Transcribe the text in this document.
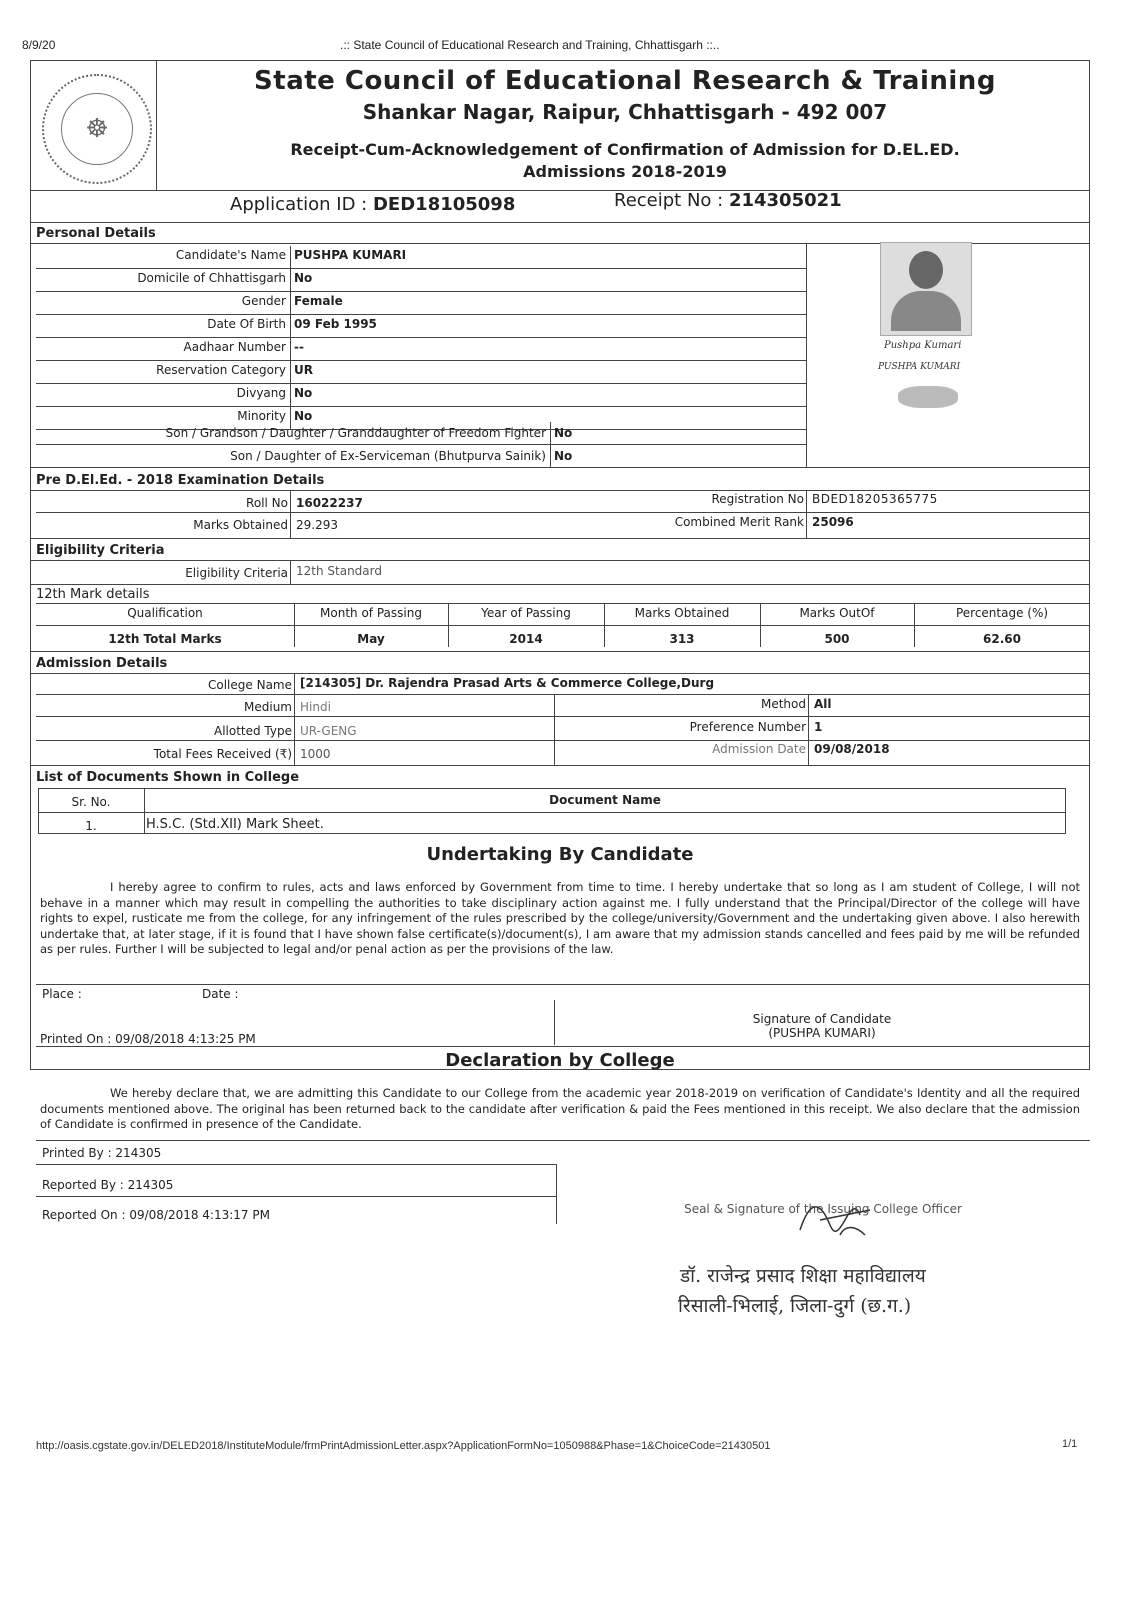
8/9/20	.:: State Council of Educational Research and Training, Chhattisgarh ::..
☸
State Council of Educational Research & Training
Shankar Nagar, Raipur, Chhattisgarh - 492 007
Receipt-Cum-Acknowledgement of Confirmation of Admission for D.EL.ED.
Admissions 2018-2019
Application ID : DED18105098	Receipt No : 214305021
Personal Details
Candidate's Name PUSHPA KUMARI
Domicile of Chhattisgarh No
Gender Female
Date Of Birth 09 Feb 1995
Aadhaar Number --
Reservation Category UR
Divyang No
Minority No
Pushpa Kumari
PUSHPA KUMARI
Son / Grandson / Daughter / Granddaughter of Freedom Fighter No
Son / Daughter of Ex-Serviceman (Bhutpurva Sainik) No
Pre D.El.Ed. - 2018 Examination Details
Roll No 16022237	Registration No BDED18205365775
Marks Obtained 29.293	Combined Merit Rank 25096
Eligibility Criteria
Eligibility Criteria 12th Standard
12th Mark details
Qualification	Month of Passing	Year of Passing	Marks Obtained	Marks OutOf	Percentage (%)
12th Total Marks	May	2014	313	500	62.60
Admission Details
College Name [214305] Dr. Rajendra Prasad Arts & Commerce College,Durg
Medium Hindi	Method All
Allotted Type UR-GENG	Preference Number 1
Total Fees Received (₹) 1000	Admission Date 09/08/2018
List of Documents Shown in College
Sr. No.	Document Name
1.	H.S.C. (Std.XII) Mark Sheet.
Undertaking By Candidate
I hereby agree to confirm to rules, acts and laws enforced by Government from time to time. I hereby undertake that so long as I am student of College, I will not behave in a manner which may result in compelling the authorities to take disciplinary action against me. I fully understand that the Principal/Director of the college will have rights to expel, rusticate me from the college, for any infringement of the rules prescribed by the college/university/Government and the undertaking given above. I also herewith undertake that, at later stage, if it is found that I have shown false certificate(s)/document(s), I am aware that my admission stands cancelled and fees paid by me will be refunded as per rules. Further I will be subjected to legal and/or penal action as per the provisions of the law.
Place :	Date :
Printed On : 09/08/2018 4:13:25 PM
Signature of Candidate
(PUSHPA KUMARI)
Declaration by College
We hereby declare that, we are admitting this Candidate to our College from the academic year 2018-2019 on verification of Candidate's Identity and all the required documents mentioned above. The original has been returned back to the candidate after verification & paid the Fees mentioned in this receipt. We also declare that the admission of Candidate is confirmed in presence of the Candidate.
Printed By : 214305
Reported By : 214305
Reported On : 09/08/2018 4:13:17 PM	Seal & Signature of the Issuing College Officer
डॉ. राजेन्द्र प्रसाद शिक्षा महाविद्यालय
रिसाली-भिलाई, जिला-दुर्ग (छ.ग.)
http://oasis.cgstate.gov.in/DELED2018/InstituteModule/frmPrintAdmissionLetter.aspx?ApplicationFormNo=1050988&Phase=1&ChoiceCode=21430501	1/1
